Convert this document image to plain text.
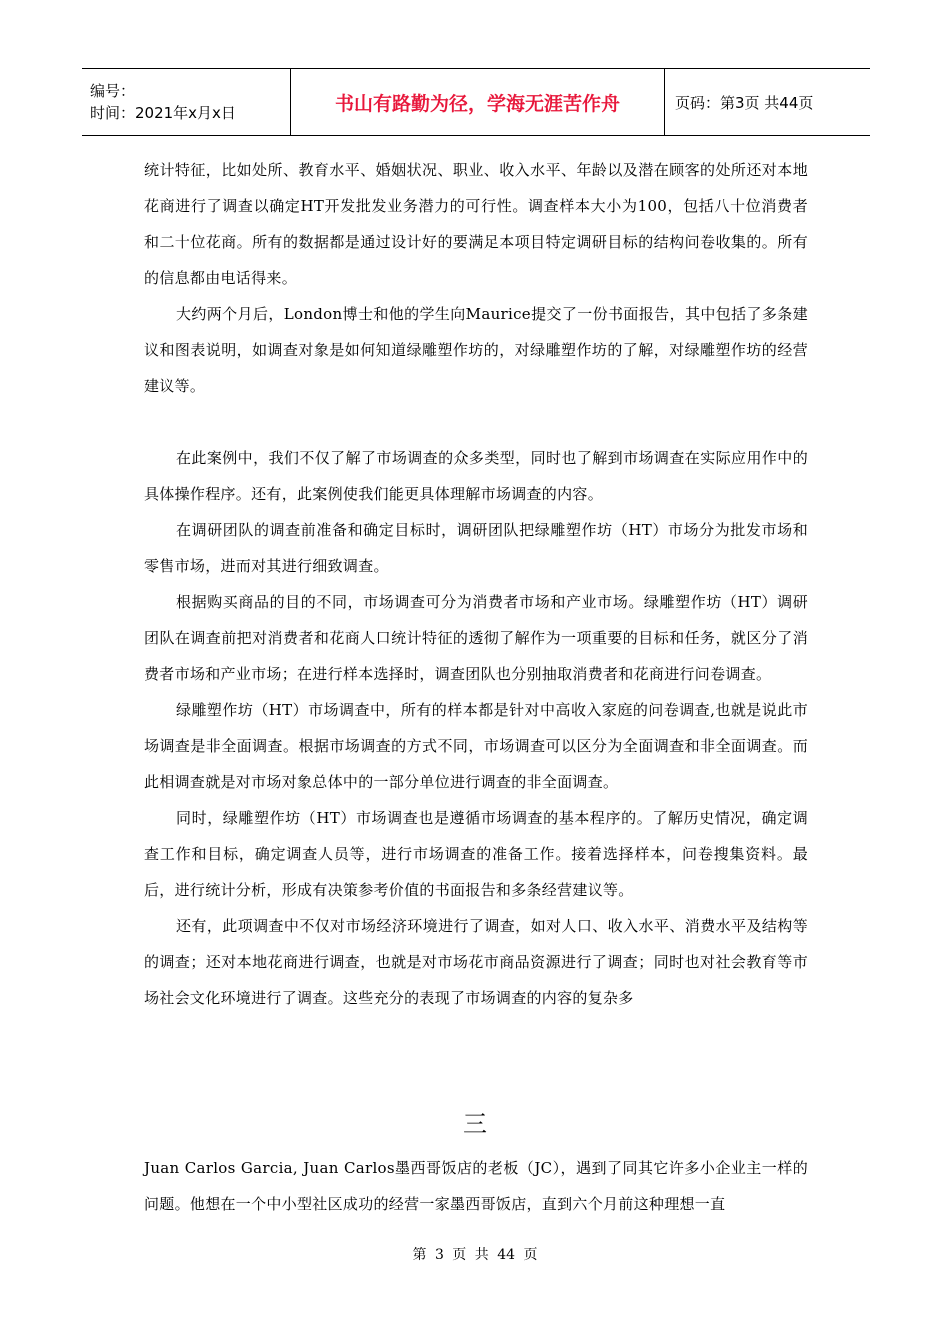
编号：
时间：2021年x月x日	书山有路勤为径，学海无涯苦作舟	页码：第3页 共44页

统计特征，比如处所、教育水平、婚姻状况、职业、收入水平、年龄以及潜在顾客的处所还对本地花商进行了调查以确定HT开发批发业务潜力的可行性。调查样本大小为100，包括八十位消费者和二十位花商。所有的数据都是通过设计好的要满足本项目特定调研目标的结构问卷收集的。所有的信息都由电话得来。

大约两个月后，London博士和他的学生向Maurice提交了一份书面报告，其中包括了多条建议和图表说明，如调查对象是如何知道绿雕塑作坊的，对绿雕塑作坊的了解，对绿雕塑作坊的经营建议等。

在此案例中，我们不仅了解了市场调查的众多类型，同时也了解到市场调查在实际应用作中的具体操作程序。还有，此案例使我们能更具体理解市场调查的内容。

在调研团队的调查前准备和确定目标时，调研团队把绿雕塑作坊（HT）市场分为批发市场和零售市场，进而对其进行细致调查。

根据购买商品的目的不同，市场调查可分为消费者市场和产业市场。绿雕塑作坊（HT）调研团队在调查前把对消费者和花商人口统计特征的透彻了解作为一项重要的目标和任务，就区分了消费者市场和产业市场；在进行样本选择时，调查团队也分别抽取消费者和花商进行问卷调查。

绿雕塑作坊（HT）市场调查中，所有的样本都是针对中高收入家庭的问卷调查,也就是说此市场调查是非全面调查。根据市场调查的方式不同，市场调查可以区分为全面调查和非全面调查。而此相调查就是对市场对象总体中的一部分单位进行调查的非全面调查。

同时，绿雕塑作坊（HT）市场调查也是遵循市场调查的基本程序的。了解历史情况，确定调查工作和目标，确定调查人员等，进行市场调查的准备工作。接着选择样本，问卷搜集资料。最后，进行统计分析，形成有决策参考价值的书面报告和多条经营建议等。

还有，此项调查中不仅对市场经济环境进行了调查，如对人口、收入水平、消费水平及结构等的调查；还对本地花商进行调查，也就是对市场花市商品资源进行了调查；同时也对社会教育等市场社会文化环境进行了调查。这些充分的表现了市场调查的内容的复杂多

三

Juan Carlos Garcia, Juan Carlos墨西哥饭店的老板（JC），遇到了同其它许多小企业主一样的问题。他想在一个中小型社区成功的经营一家墨西哥饭店，直到六个月前这种理想一直

第 3 页 共 44 页
